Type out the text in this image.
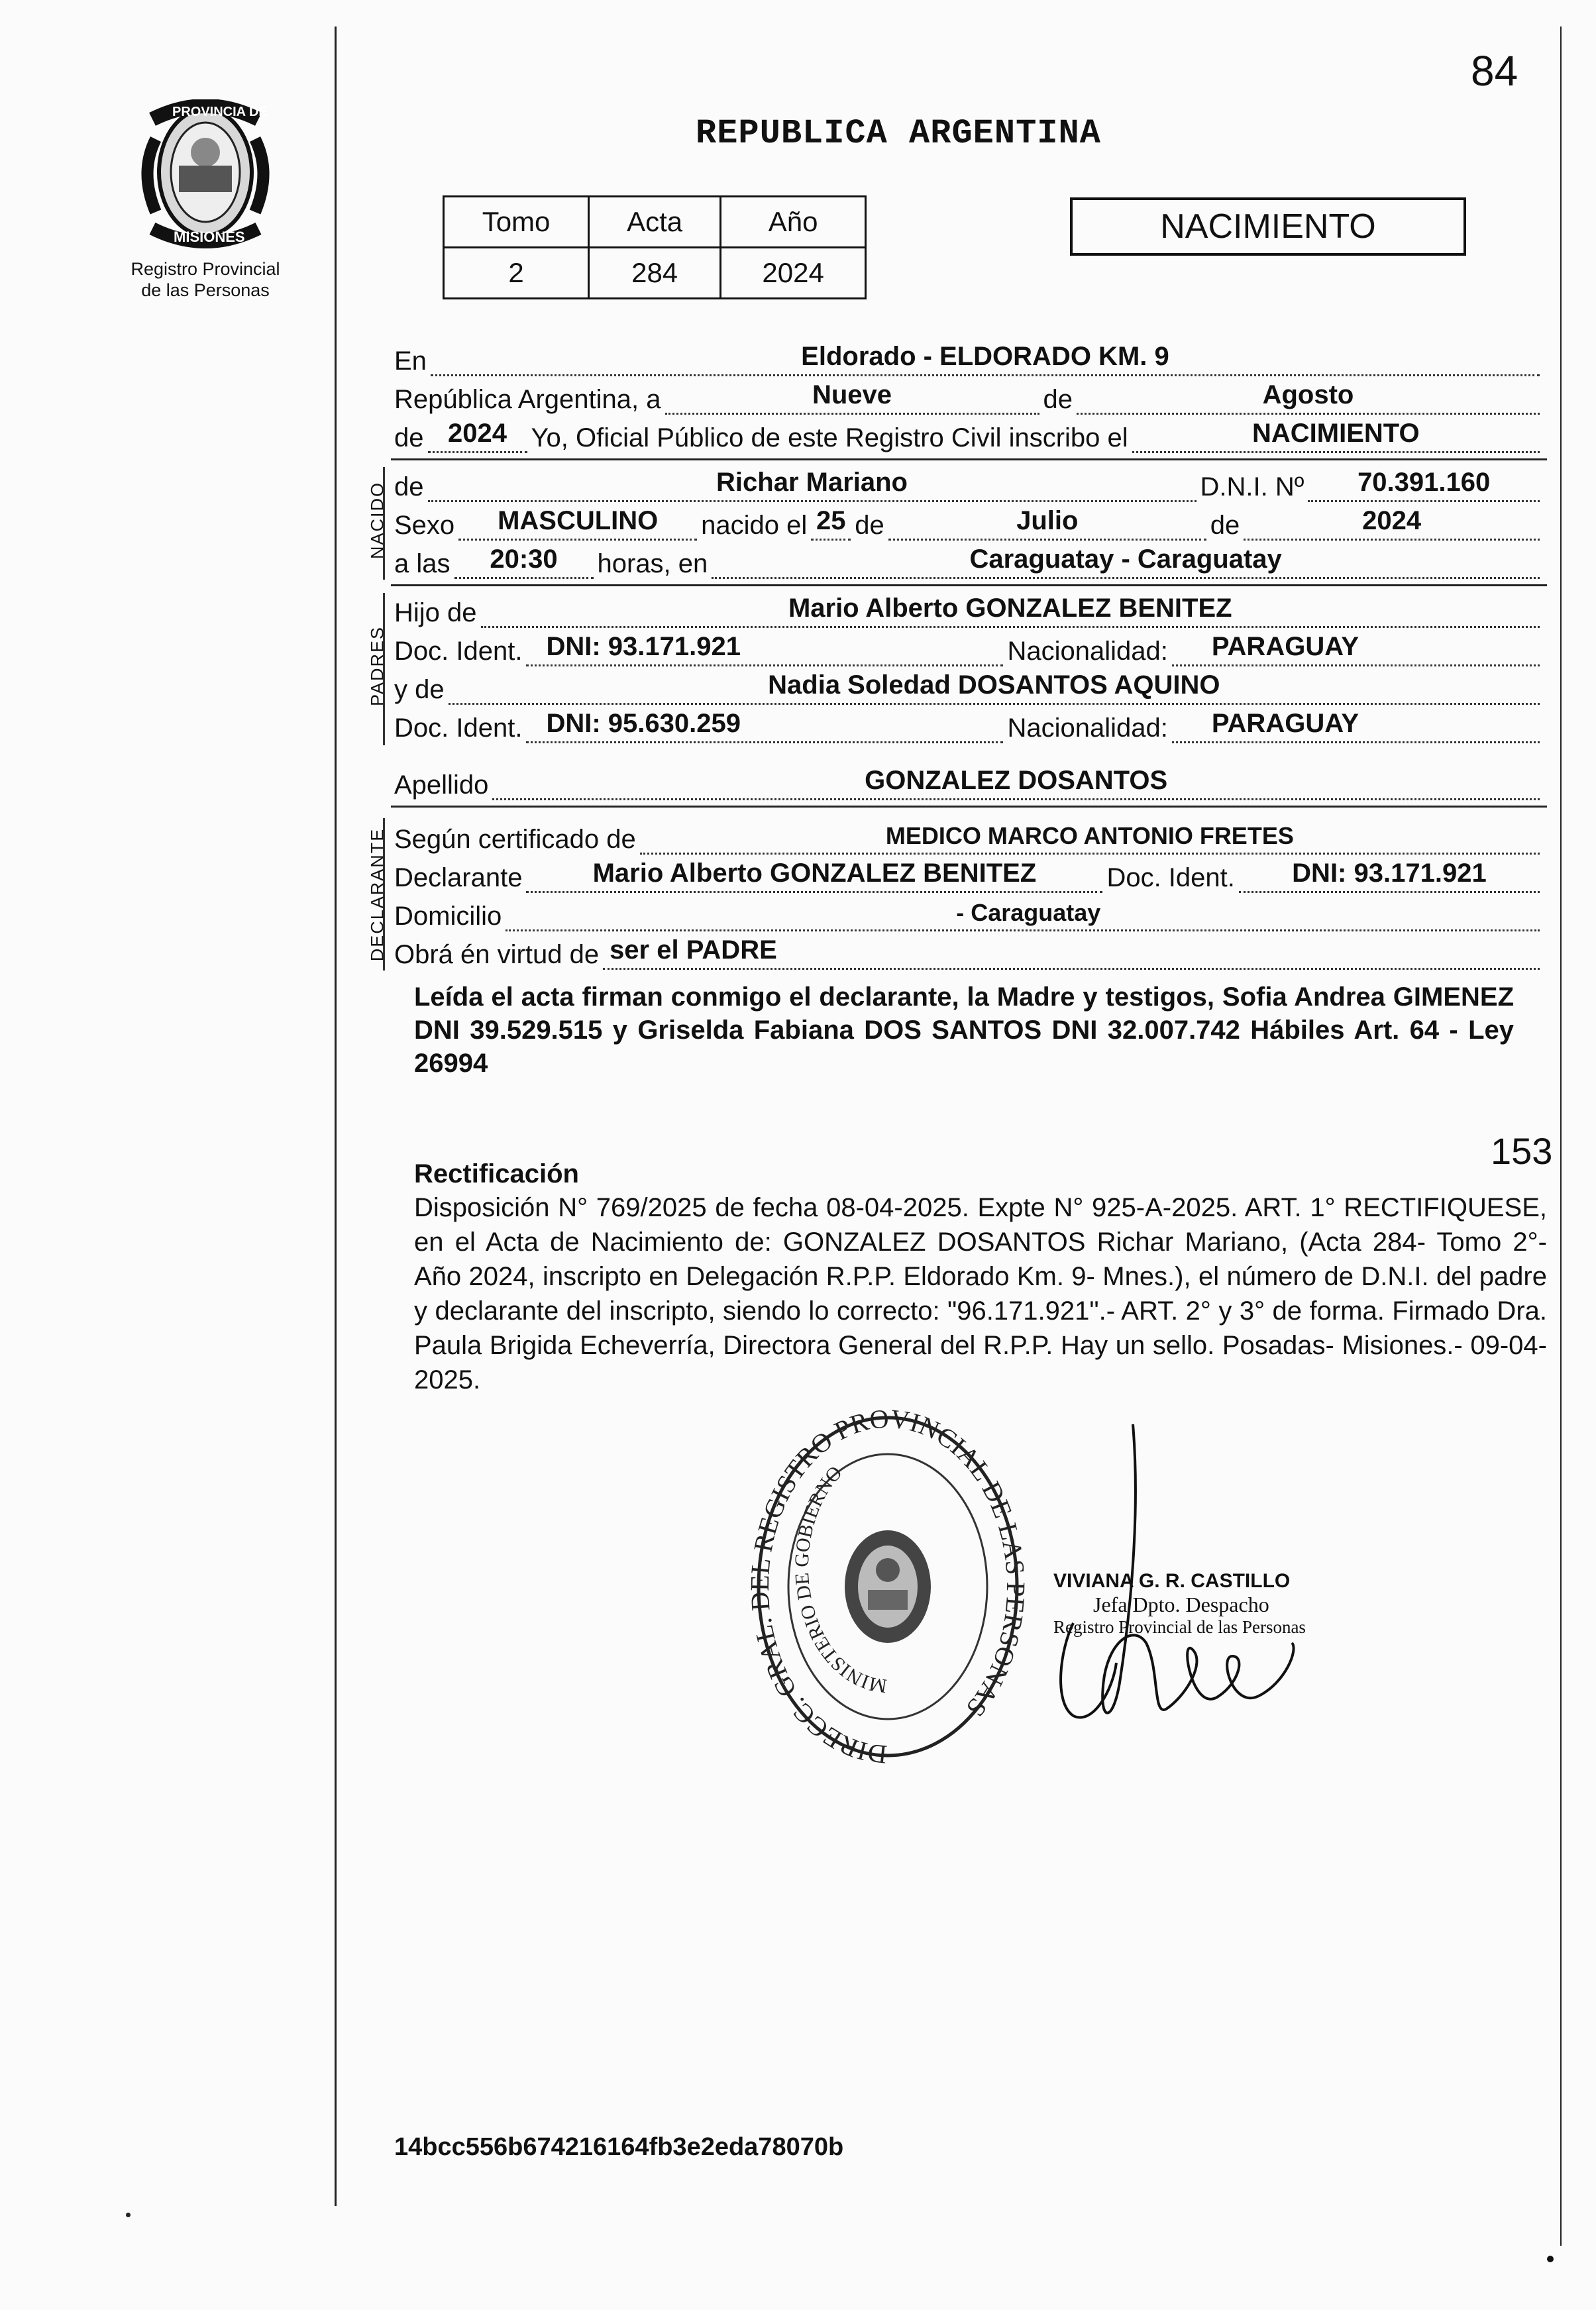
84
PROVINCIA DE
MISIONES
Registro Provincial
de las Personas
REPUBLICA ARGENTINA
Tomo	Acta	Año
2	284	2024
NACIMIENTO
En	Eldorado - ELDORADO KM. 9
República Argentina, a	Nueve	de	Agosto
de 2024 Yo, Oficial Público de este Registro Civil inscribo el	NACIMIENTO
NACIDO de	Richar Mariano	D.N.I. Nº	70.391.160
Sexo	MASCULINO	nacido el 25 de	Julio	de	2024
a las	20:30	horas, en	Caraguatay - Caraguatay
PADRES
Hijo de	Mario Alberto GONZALEZ BENITEZ
Doc. Ident. DNI: 93.171.921	Nacionalidad: PARAGUAY
y de	Nadia Soledad DOSANTOS AQUINO
Doc. Ident. DNI: 95.630.259	Nacionalidad: PARAGUAY
Apellido	GONZALEZ DOSANTOS
DECLARANTE Según certificado de	MEDICO MARCO ANTONIO FRETES
Declarante	Mario Alberto GONZALEZ BENITEZ	Doc. Ident.	DNI: 93.171.921
Domicilio	- Caraguatay
Obrá én virtud de ser el PADRE
Leída el acta firman conmigo el declarante, la Madre y testigos, Sofia Andrea GIMENEZ DNI 39.529.515 y Griselda Fabiana DOS SANTOS DNI 32.007.742 Hábiles Art. 64 - Ley 26994
153
Rectificación
Disposición N° 769/2025 de fecha 08-04-2025. Expte N° 925-A-2025. ART. 1° RECTIFIQUESE, en el Acta de Nacimiento de: GONZALEZ DOSANTOS Richar Mariano, (Acta 284- Tomo 2°- Año 2024, inscripto en Delegación R.P.P. Eldorado Km. 9- Mnes.), el número de D.N.I. del padre y declarante del inscripto, siendo lo correcto: "96.171.921".- ART. 2° y 3° de forma. Firmado Dra. Paula Brigida Echeverría, Directora General del R.P.P. Hay un sello. Posadas- Misiones.- 09-04-2025.
DIRECC. GRAL. REGISTRO PROVINCIAL DE LA RSONAS
MINISTERIO DE GOBIERNO
VIVIANA G. R. CASTILLO
Jefa Dpto. Despacho
Registro Provincial de las Personas
14bcc556b674216164fb3e2eda78070b
